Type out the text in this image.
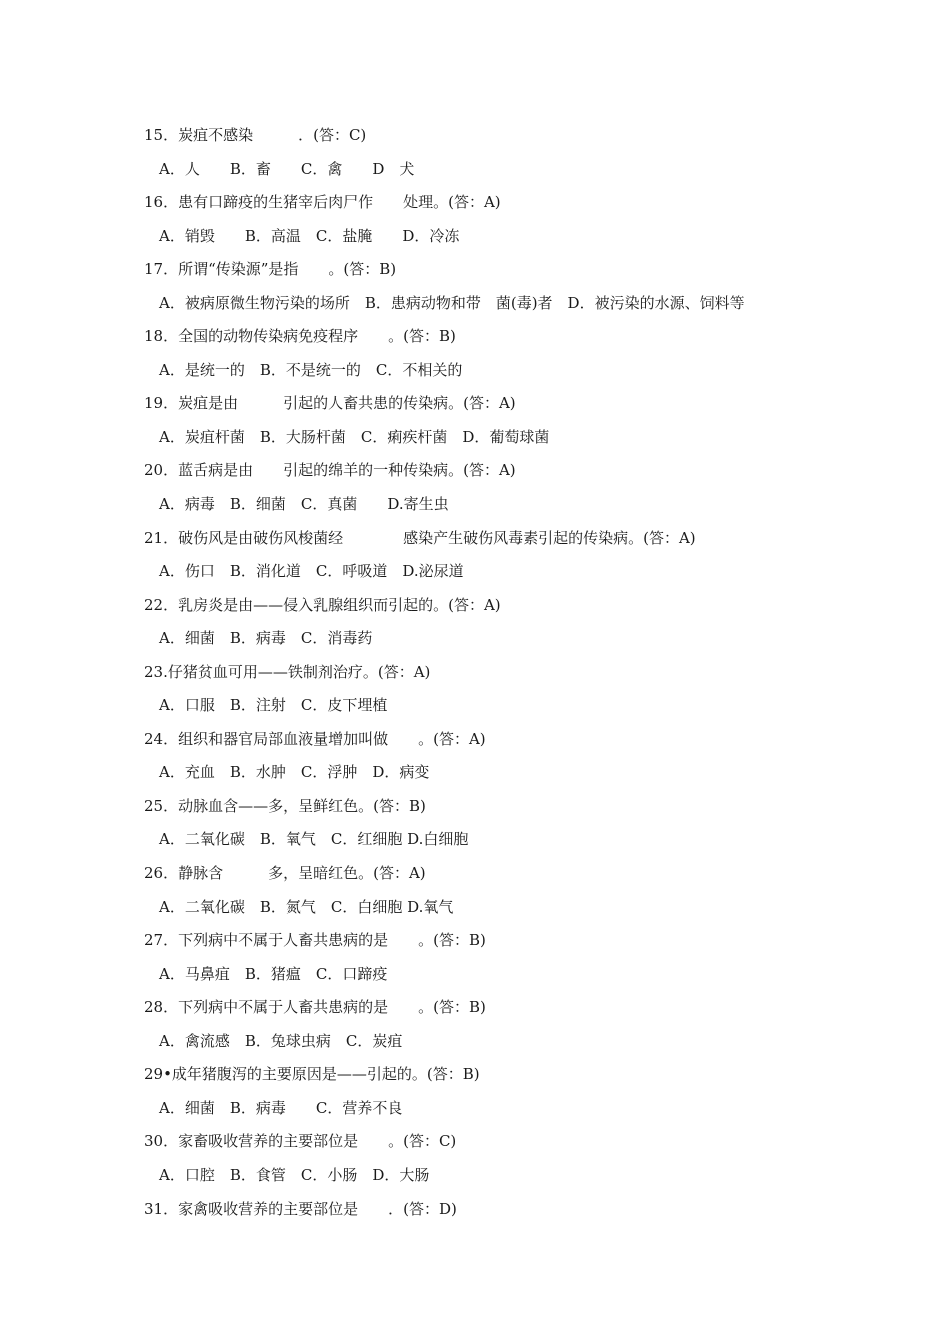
15．炭疽不感染　　　．(答：C)
A．人　　B．畜　　C．禽　　D　犬
16．患有口蹄疫的生猪宰后肉尸作　　处理。(答：A)
A．销毁　　B．高温　C．盐腌　　D．冷冻
17．所谓“传染源”是指　　。(答：B)
A．被病原微生物污染的场所　B．患病动物和带　菌(毒)者　D．被污染的水源、饲料等
18．全国的动物传染病免疫程序　　。(答：B)
A．是统一的　B．不是统一的　C．不相关的
19．炭疽是由　　　引起的人畜共患的传染病。(答：A)
A．炭疽杆菌　B．大肠杆菌　C．痢疾杆菌　D．葡萄球菌
20．蓝舌病是由　　引起的绵羊的一种传染病。(答：A)
A．病毒　B．细菌　C．真菌　　D.寄生虫
21．破伤风是由破伤风梭菌经　　　　感染产生破伤风毒素引起的传染病。(答：A)
A．伤口　B．消化道　C．呼吸道　D.泌尿道
22．乳房炎是由——侵入乳腺组织而引起的。(答：A)
A．细菌　B．病毒　C．消毒药
23.仔猪贫血可用——铁制剂治疗。(答：A)
A．口服　B．注射　C．皮下埋植
24．组织和器官局部血液量增加叫做　　。(答：A)
A．充血　B．水肿　C．浮肿　D．病变
25．动脉血含——多，呈鲜红色。(答：B)
A．二氧化碳　B．氧气　C．红细胞 D.白细胞
26．静脉含　　　多，呈暗红色。(答：A)
A．二氧化碳　B．氮气　C．白细胞 D.氧气
27．下列病中不属于人畜共患病的是　　。(答：B)
A．马鼻疽　B．猪瘟　C．口蹄疫
28．下列病中不属于人畜共患病的是　　。(答：B)
A．禽流感　B．兔球虫病　C．炭疽
29•成年猪腹泻的主要原因是——引起的。(答：B)
A．细菌　B．病毒　　C．营养不良
30．家畜吸收营养的主要部位是　　。(答：C)
A．口腔　B．食管　C．小肠　D．大肠
31．家禽吸收营养的主要部位是　　．(答：D)
